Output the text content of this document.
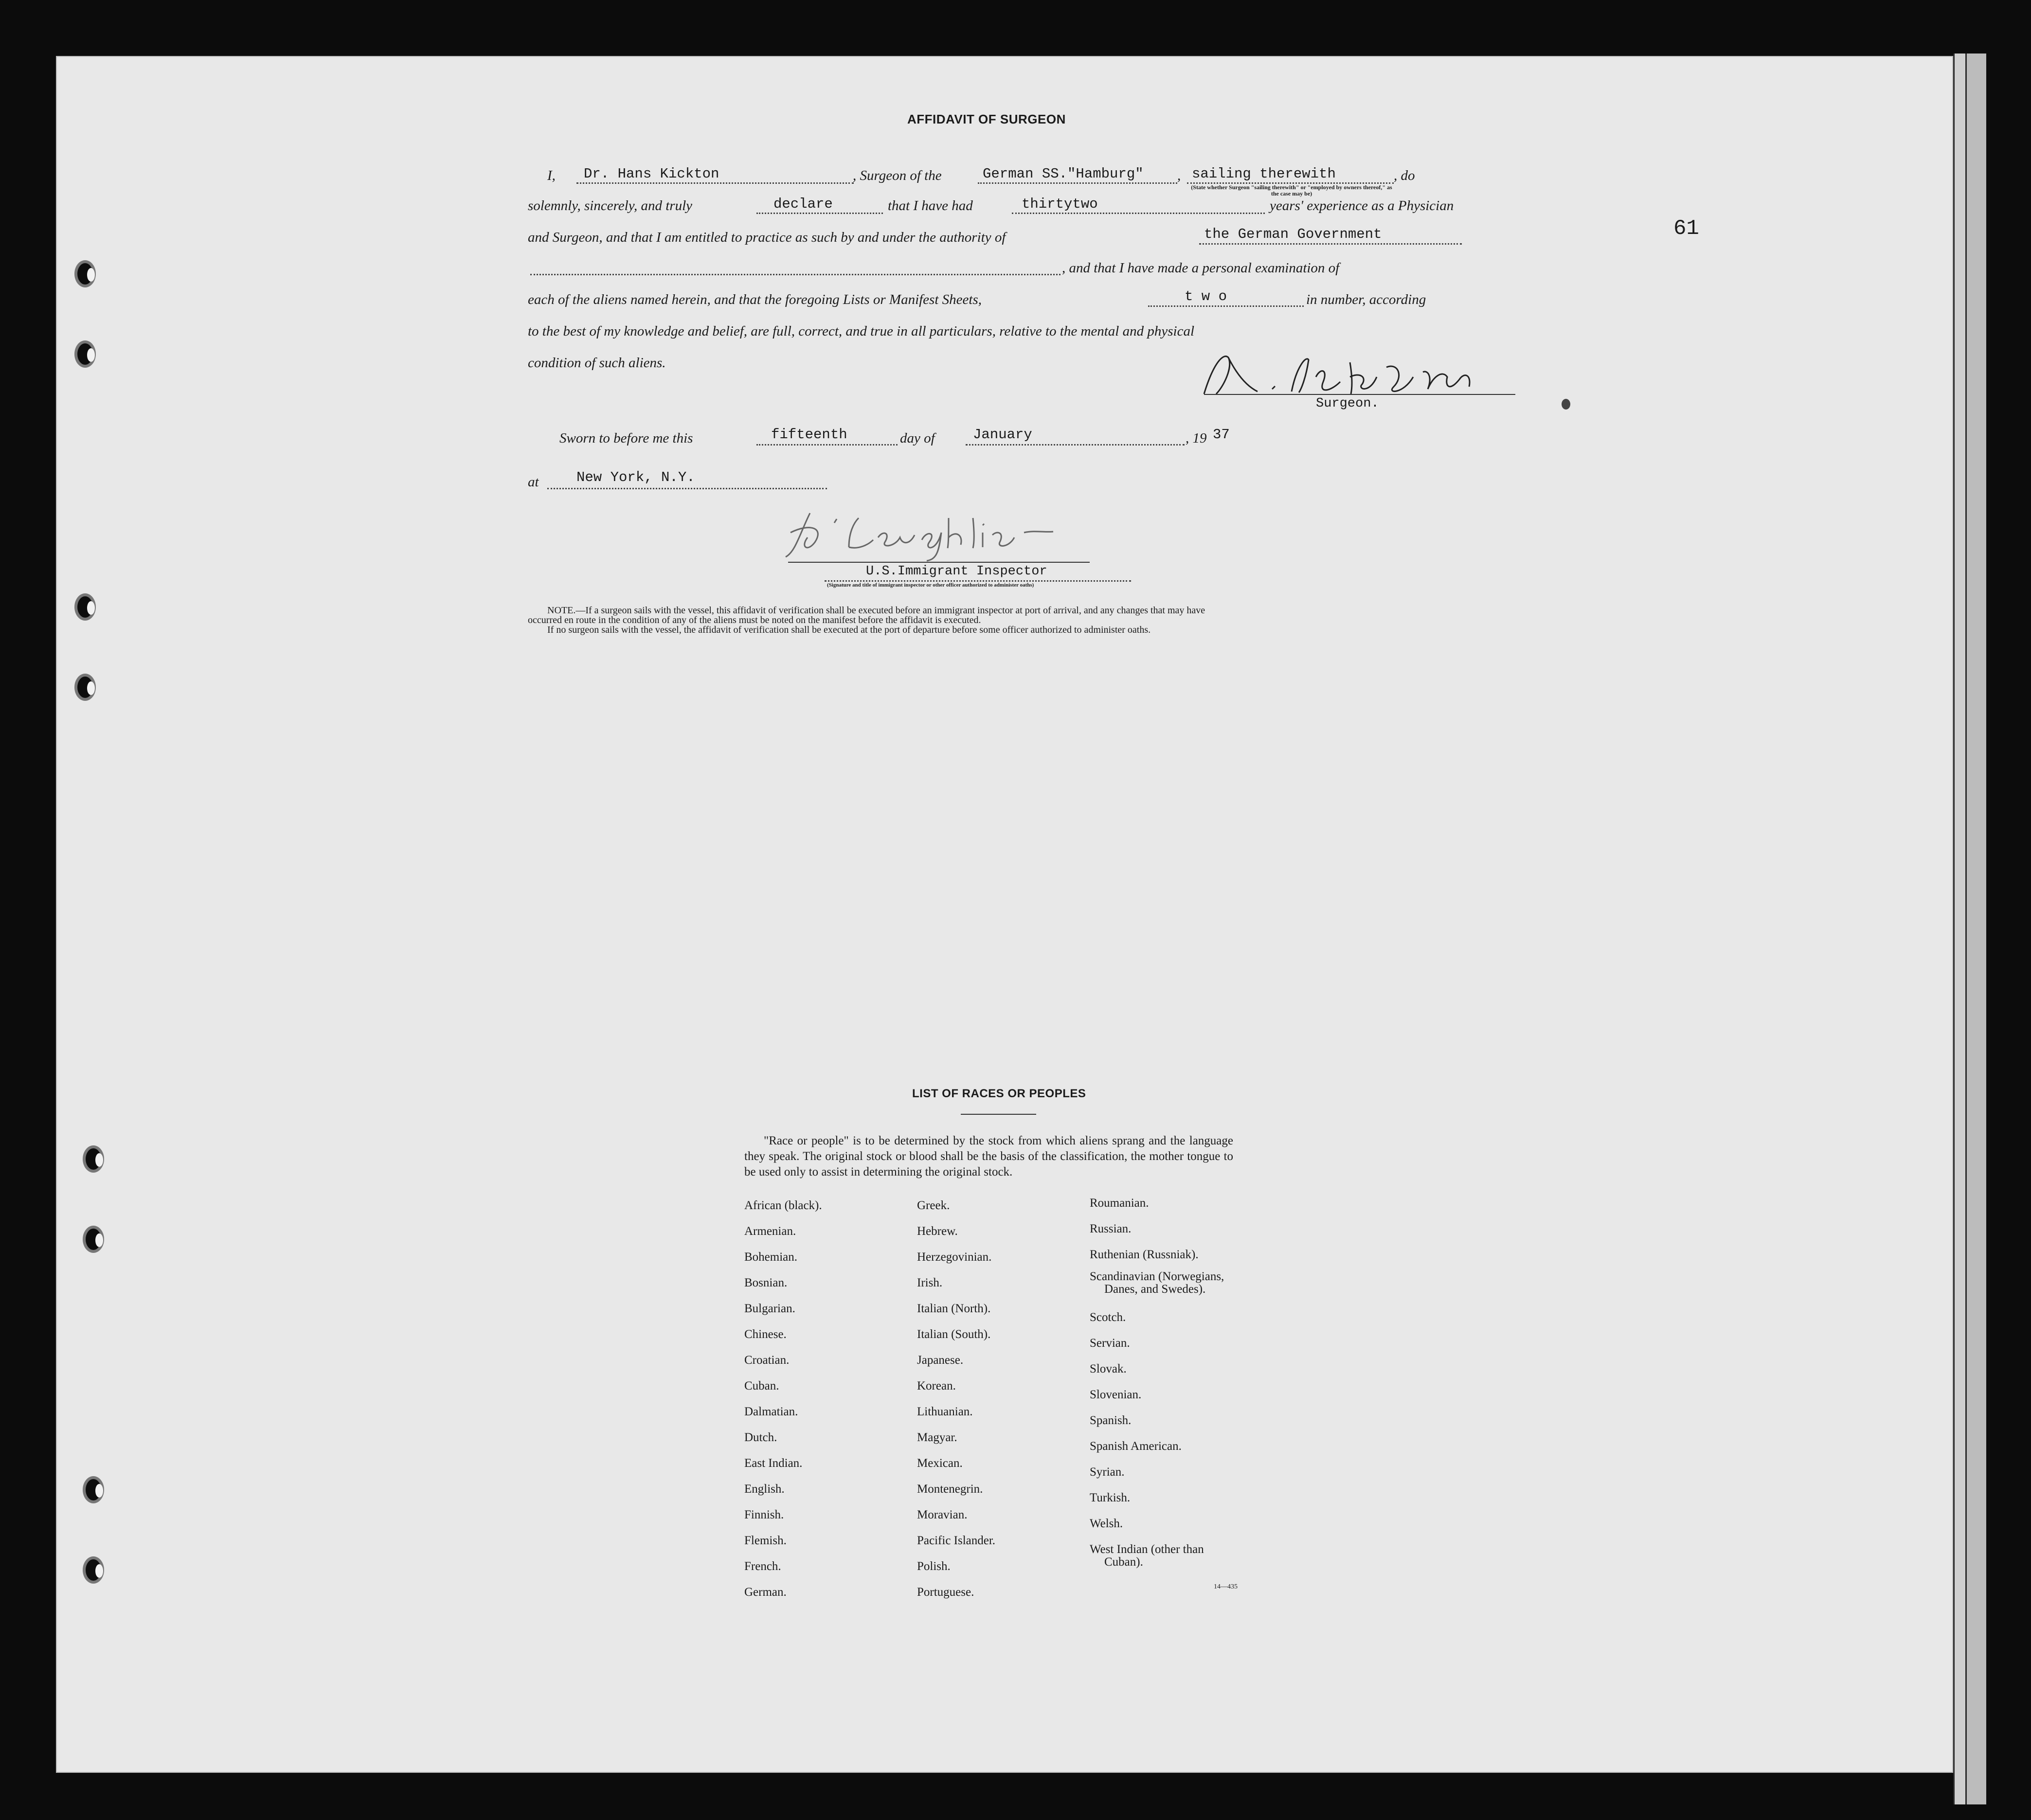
61
AFFIDAVIT OF SURGEON
I, Dr. Hans Kickton	, Surgeon of the	German SS."Hamburg" , sailing therewith	, do
(State whether Surgeon "sailing therewith" or "employed by owners thereof," as the case may be)
solemnly, sincerely, and truly	declare	that I have had	thirtytwo	years' experience as a Physician
and Surgeon, and that I am entitled to practice as such by and under the authority of	the German Government
, and that I have made a personal examination of
each of the aliens named herein, and that the foregoing Lists or Manifest Sheets,	t w o	in number, according
to the best of my knowledge and belief, are full, correct, and true in all particulars, relative to the mental and physical
condition of such aliens.
Surgeon.
Sworn to before me this	fifteenth	day of	January	, 19 37
at	New York, N.Y.
U.S.Immigrant Inspector
(Signature and title of immigrant inspector or other officer authorized to administer oaths)
NOTE.—If a surgeon sails with the vessel, this affidavit of verification shall be executed before an immigrant inspector at port of arrival, and any changes that may have
occurred en route in the condition of any of the aliens must be noted on the manifest before the affidavit is executed.
If no surgeon sails with the vessel, the affidavit of verification shall be executed at the port of departure before some officer authorized to administer oaths.
LIST OF RACES OR PEOPLES
"Race or people" is to be determined by the stock from which aliens sprang and the language they speak. The original stock or blood shall be the basis of the classification, the mother tongue to be used only to assist in determining the original stock.
African (black).
Armenian.
Bohemian.
Bosnian.
Bulgarian.
Chinese.
Croatian.
Cuban.
Dalmatian.
Dutch.
East Indian.
English.
Finnish.
Flemish.
French.
German.
Greek.
Hebrew.
Herzegovinian.
Irish.
Italian (North).
Italian (South).
Japanese.
Korean.
Lithuanian.
Magyar.
Mexican.
Montenegrin.
Moravian.
Pacific Islander.
Polish.
Portuguese.
Roumanian.
Russian.
Ruthenian (Russniak).
Scandinavian (Norwegians,
Danes, and Swedes).
Scotch.
Servian.
Slovak.
Slovenian.
Spanish.
Spanish American.
Syrian.
Turkish.
Welsh.
West Indian (other than
Cuban).
14—435
